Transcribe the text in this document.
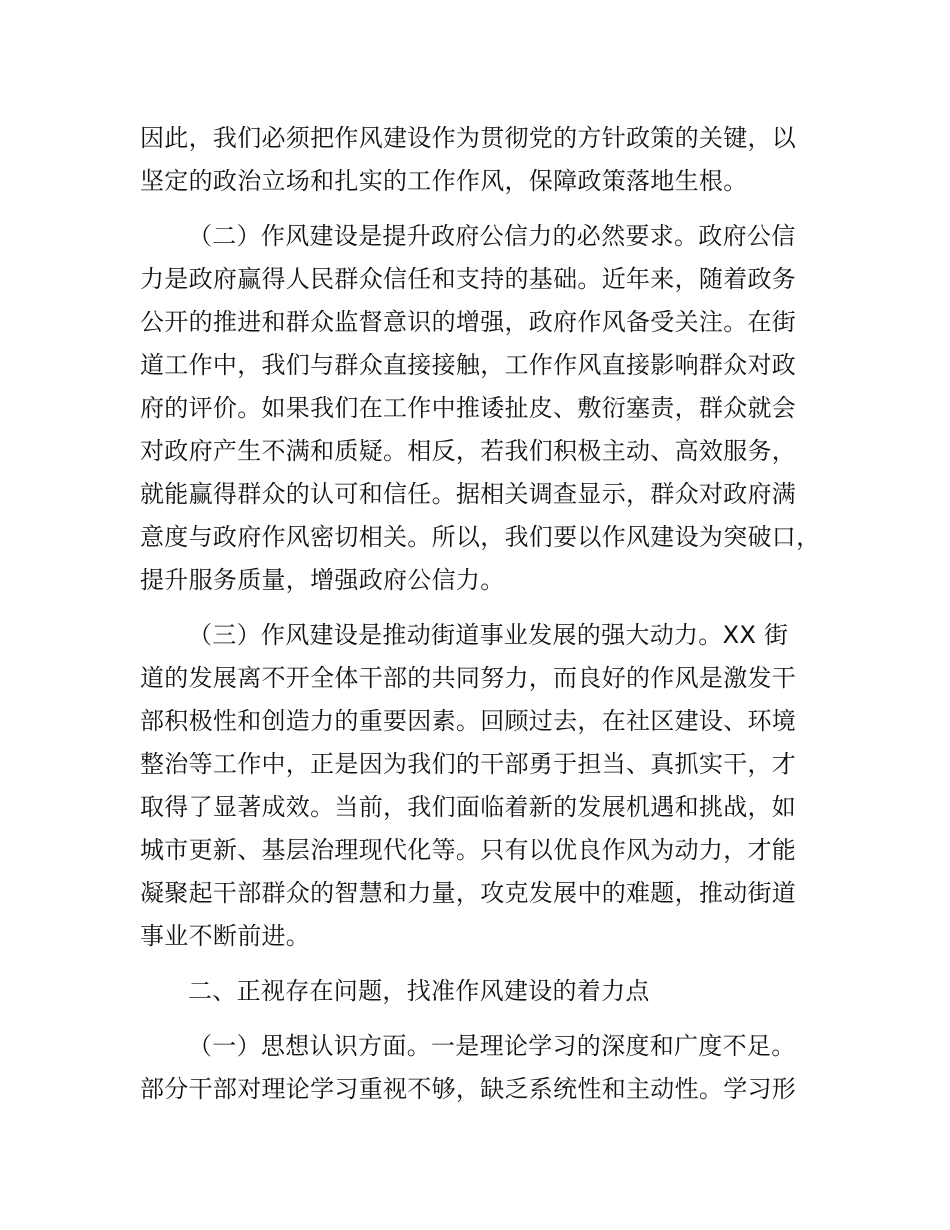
因此，我们必须把作风建设作为贯彻党的方针政策的关键，以
坚定的政治立场和扎实的工作作风，保障政策落地生根。
（二）作风建设是提升政府公信力的必然要求。政府公信
力是政府赢得人民群众信任和支持的基础。近年来，随着政务
公开的推进和群众监督意识的增强，政府作风备受关注。在街
道工作中，我们与群众直接接触，工作作风直接影响群众对政
府的评价。如果我们在工作中推诿扯皮、敷衍塞责，群众就会
对政府产生不满和质疑。相反，若我们积极主动、高效服务，
就能赢得群众的认可和信任。据相关调查显示，群众对政府满
意度与政府作风密切相关。所以，我们要以作风建设为突破口，
提升服务质量，增强政府公信力。
（三）作风建设是推动街道事业发展的强大动力。XX 街
道的发展离不开全体干部的共同努力，而良好的作风是激发干
部积极性和创造力的重要因素。回顾过去，在社区建设、环境
整治等工作中，正是因为我们的干部勇于担当、真抓实干，才
取得了显著成效。当前，我们面临着新的发展机遇和挑战，如
城市更新、基层治理现代化等。只有以优良作风为动力，才能
凝聚起干部群众的智慧和力量，攻克发展中的难题，推动街道
事业不断前进。
二、正视存在问题，找准作风建设的着力点
（一）思想认识方面。一是理论学习的深度和广度不足。
部分干部对理论学习重视不够，缺乏系统性和主动性。学习形
